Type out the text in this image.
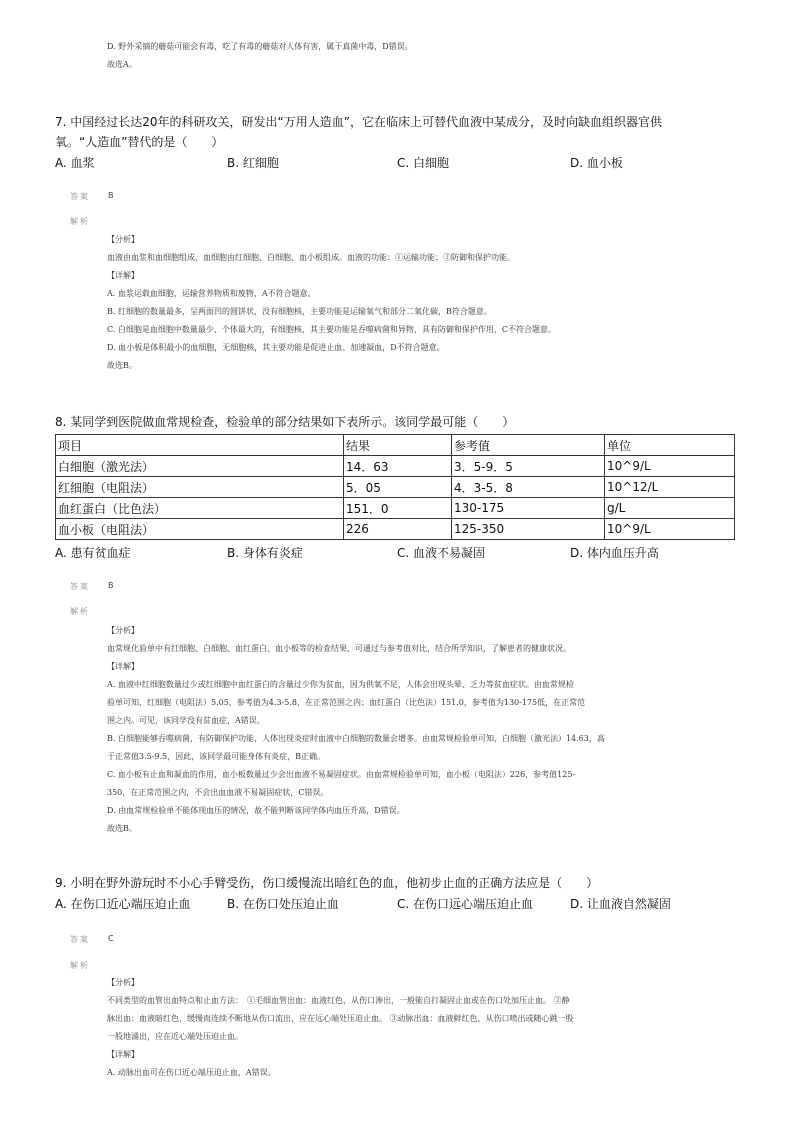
D. 野外采摘的蘑菇可能会有毒，吃了有毒的蘑菇对人体有害，属于真菌中毒，D错误。

故选A。

7. 中国经过长达20年的科研攻关，研发出“万用人造血”，它在临床上可替代血液中某成分，及时向缺血组织器官供
氧。“人造血”替代的是（　　）
A. 血浆	B. 红细胞	C. 白细胞	D. 血小板
答案 B
解析

【分析】

血液由血浆和血细胞组成，血细胞由红细胞、白细胞、血小板组成。血液的功能：①运输功能；②防御和保护功能。

【详解】

A. 血浆运载血细胞，运输营养物质和废物，A不符合题意。

B. 红细胞的数量最多，呈两面凹的圆饼状，没有细胞核，主要功能是运输氧气和部分二氧化碳，B符合题意。

C. 白细胞是血细胞中数量最少、个体最大的，有细胞核，其主要功能是吞噬病菌和异物，具有防御和保护作用，C不符合题意。

D. 血小板是体积最小的血细胞，无细胞核，其主要功能是促进止血、加速凝血，D不符合题意。

故选B。

8. 某同学到医院做血常规检查，检验单的部分结果如下表所示。该同学最可能（　　）
项目	结果	参考值	单位
白细胞（激光法）	14．63	3．5-9．5	10^9/L
红细胞（电阻法）	5．05	4．3-5．8	10^12/L
血红蛋白（比色法）	151．0	130-175	g/L
血小板（电阻法）	226	125-350	10^9/L
A. 患有贫血症	B. 身体有炎症	C. 血液不易凝固	D. 体内血压升高
答案 B
解析

【分析】

血常规化验单中有红细胞、白细胞、血红蛋白、血小板等的检查结果，可通过与参考值对比，结合所学知识，了解患者的健康状况。

【详解】

A. 血液中红细胞数量过少或红细胞中血红蛋白的含量过少你为贫血，因为供氧不足，人体会出现头晕、乏力等贫血症状。由血常规检

验单可知，红细胞（电阻法）5.05，参考值为4.3-5.8，在正常范围之内；血红蛋白（比色法）151.0，参考值为130-175低，在正常范

围之内。可见，该同学没有贫血症，A错误。

B. 白细胞能够吞噬病菌，有防御保护功能，人体出现炎症时血液中白细胞的数量会增多。由血常规检验单可知，白细胞（激光法）14.63，高

于正常值3.5-9.5，因此，该同学最可能身体有炎症，B正确。

C. 血小板有止血和凝血的作用，血小板数量过少会出血液不易凝固症状。由血常规检验单可知，血小板（电阻法）226，参考值125-

350，在正常范围之内，不会出血血液不易凝固症状，C错误。

D. 由血常规检验单不能体现血压的情况，故不能判断该同学体内血压升高，D错误。

故选B。

9. 小明在野外游玩时不小心手臂受伤，伤口缓慢流出暗红色的血，他初步止血的正确方法应是（　　）
A. 在伤口近心端压迫止血	B. 在伤口处压迫止血	C. 在伤口远心端压迫止血	D. 让血液自然凝固
答案 C
解析

【分析】

不同类型的血管出血特点和止血方法：　①毛细血管出血：血液红色，从伤口渗出，一般能自行凝固止血或在伤口处加压止血。 ②静

脉出血：血液暗红色，缓慢而连续不断地从伤口流出，应在远心端处压迫止血。 ③动脉出血：血液鲜红色，从伤口喷出或随心跳一股

一股地涌出，应在近心端处压迫止血。

【详解】

A. 动脉出血可在伤口近心端压迫止血，A错误。
